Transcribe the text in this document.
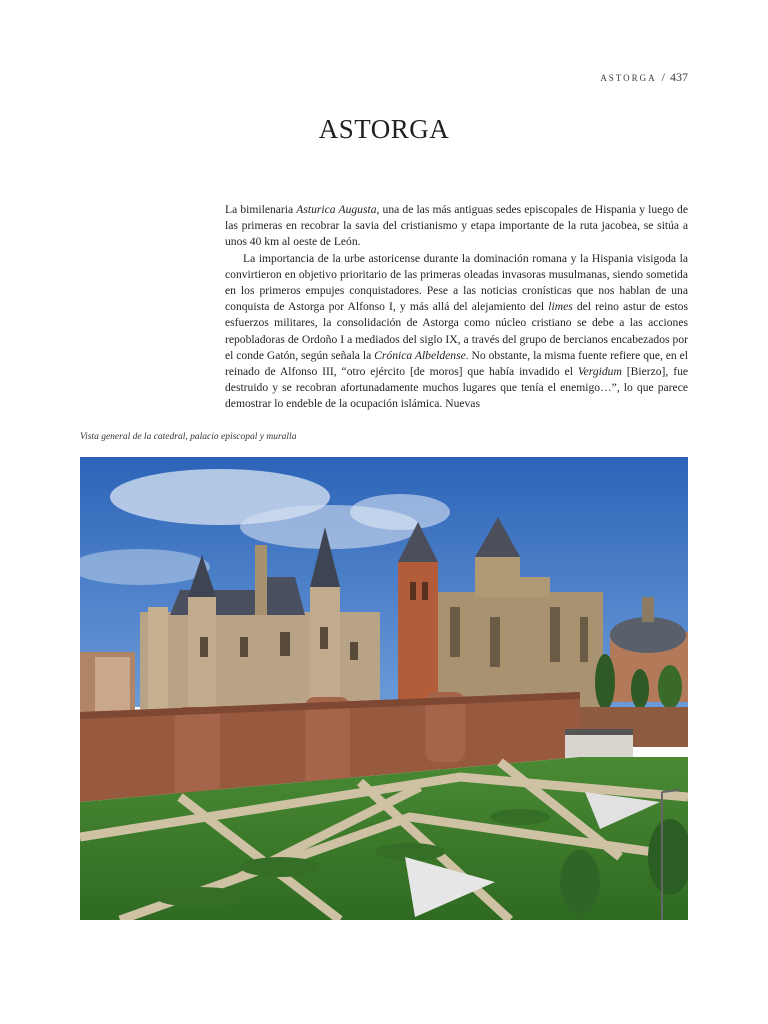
ASTORGA / 437
ASTORGA

La bimilenaria Asturica Augusta, una de las más antiguas sedes episcopales de Hispania y luego de las primeras en recobrar la savia del cristianismo y etapa importante de la ruta jacobea, se sitúa a unos 40 km al oeste de León.

La importancia de la urbe astoricense durante la dominación romana y la Hispania visigoda la convirtieron en objetivo prioritario de las primeras oleadas invasoras musulmanas, siendo sometida en los primeros empujes conquistadores. Pese a las noticias cronísticas que nos hablan de una conquista de Astorga por Alfonso I, y más allá del alejamiento del limes del reino astur de estos esfuerzos militares, la consolidación de Astorga como núcleo cristiano se debe a las acciones repobladoras de Ordoño I a mediados del siglo IX, a través del grupo de bercianos encabezados por el conde Gatón, según señala la Crónica Albeldense. No obstante, la misma fuente refiere que, en el reinado de Alfonso III, “otro ejército [de moros] que había invadido el Vergidum [Bierzo], fue destruido y se recobran afortunadamente muchos lugares que tenía el enemigo…”, lo que parece demostrar lo endeble de la ocupación islámica. Nuevas

Vista general de la catedral, palacio episcopal y muralla
